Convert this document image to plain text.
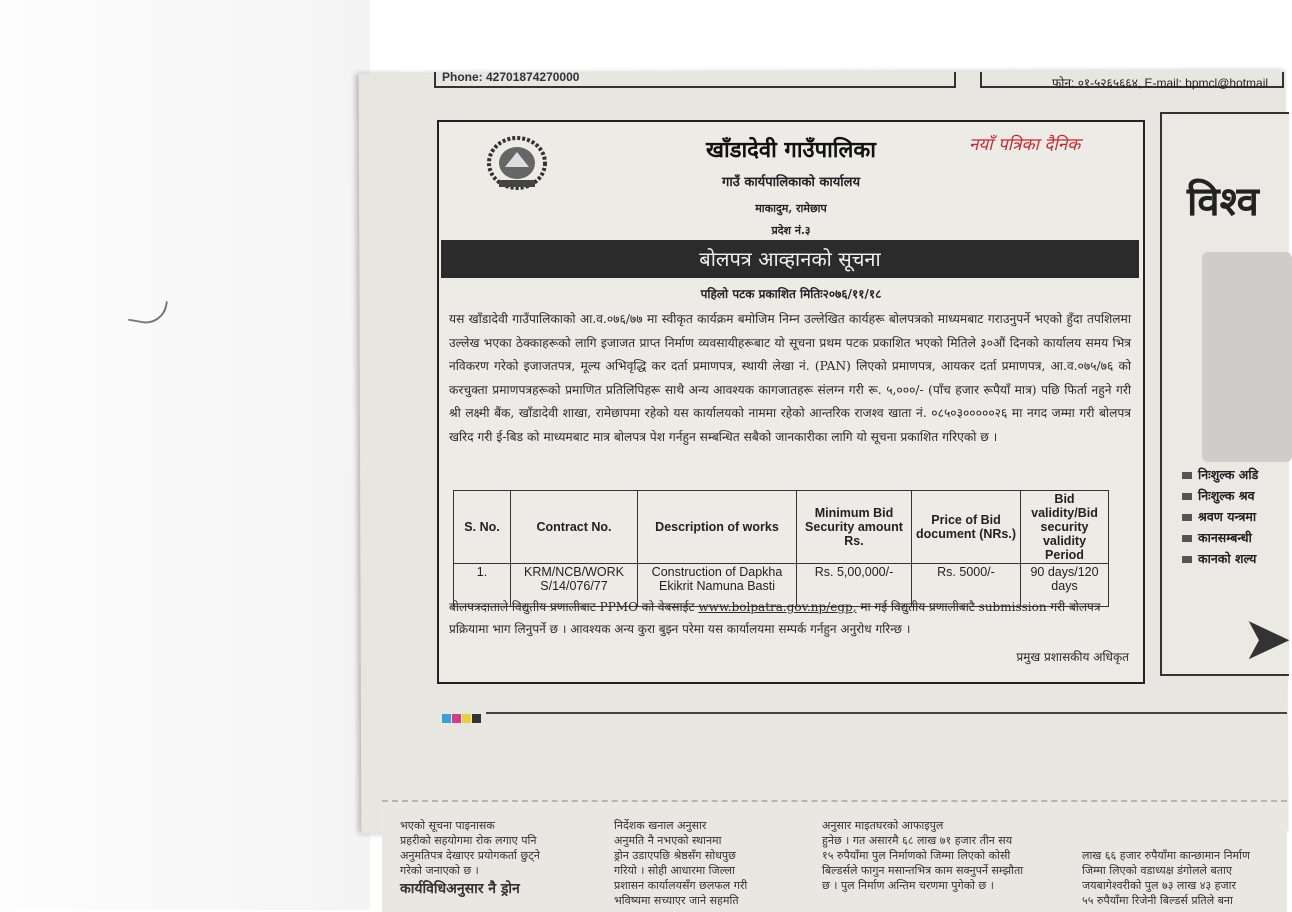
Phone: 42701874270000	फोन: ०१-५२६५६६४, E-mail: bpmcl@hotmail
खाँडादेवी गाउँपालिका	नयाँ पत्रिका दैनिक
गाउँ कार्यपालिकाको कार्यालय
माकादुम, रामेछाप
प्रदेश नं.३
बोलपत्र आव्हानको सूचना
पहिलो पटक प्रकाशित मितिः२०७६/११/१८
यस खाँडादेवी गाउँपालिकाको आ.व.०७६/७७ मा स्वीकृत कार्यक्रम बमोजिम निम्न उल्लेखित कार्यहरू बोलपत्रको माध्यमबाट गराउनुपर्ने भएको हुँदा तपशिलमा उल्लेख भएका ठेक्काहरूको लागि इजाजत प्राप्त निर्माण व्यवसायीहरूबाट यो सूचना प्रथम पटक प्रकाशित भएको मितिले ३०औं दिनको कार्यालय समय भित्र नविकरण गरेको इजाजतपत्र, मूल्य अभिवृद्धि कर दर्ता प्रमाणपत्र, स्थायी लेखा नं. (PAN) लिएको प्रमाणपत्र, आयकर दर्ता प्रमाणपत्र, आ.व.०७५/७६ को करचुक्ता प्रमाणपत्रहरूको प्रमाणित प्रतिलिपिहरू साथै अन्य आवश्यक कागजातहरू संलग्न गरी रू. ५,०००/- (पाँच हजार रूपैयाँ मात्र) पछि फिर्ता नहुने गरी श्री लक्ष्मी बैंक, खाँडादेवी शाखा, रामेछापमा रहेको यस कार्यालयको नाममा रहेको आन्तरिक राजश्व खाता नं. ०८५०३०००००२६ मा नगद जम्मा गरी बोलपत्र खरिद गरी ई-बिड को माध्यमबाट मात्र बोलपत्र पेश गर्नहुन सम्बन्धित सबैको जानकारीका लागि यो सूचना प्रकाशित गरिएको छ ।
S. No.	Contract No.	Description of works	Minimum Bid Security amount Rs.	Price of Bid document (NRs.)	Bid validity/Bid security validity Period
1.	KRM/NCB/WORK S/14/076/77	Construction of Dapkha Ekikrit Namuna Basti	Rs. 5,00,000/-	Rs. 5000/-	90 days/120 days
बोलपत्रदाताले विद्युतीय प्रणालीबाट PPMO को वेबसाईट www.bolpatra.gov.np/egp, मा गई विद्युतीय प्रणालीबाटै submission गरी बोलपत्र प्रक्रियामा भाग लिनुपर्ने छ । आवश्यक अन्य कुरा बुझ्न परेमा यस कार्यालयमा सम्पर्क गर्नहुन अनुरोध गरिन्छ ।
प्रमुख प्रशासकीय अधिकृत
विश्व
निःशुल्क अडि
निःशुल्क श्रव
श्रवण यन्त्रमा
कानसम्बन्धी
कानको शल्य
➤
भएको सूचना पाइनासक
प्रहरीको सहयोगमा रोक लगाए पनि
अनुमतिपत्र देखाएर प्रयोगकर्ता छुट्ने
गरेको जनाएको छ ।
कार्यविधिअनुसार नै ड्रोन
निर्देशक खनाल अनुसार
अनुमति नै नभएको स्थानमा
ड्रोन उडाएपछि श्रेष्ठसँग सोधपुछ
गरियो । सोही आधारमा जिल्ला
प्रशासन कार्यालयसँग छलफल गरी
भविष्यमा सच्याएर जाने सहमति
अनुसार माइतघरको आफाइपुल
हुनेछ । गत असारमै ६८ लाख ७१ हजार तीन सय
१५ रुपैयाँमा पुल निर्माणको जिम्मा लिएको कोसी
बिल्डर्सले फागुन मसान्तभित्र काम सक्नुपर्ने सम्झौता
छ । पुल निर्माण अन्तिम चरणमा पुगेको छ ।
लाख ६६ हजार रुपैयाँमा कान्छामान निर्माण
जिम्मा लिएको वडाध्यक्ष डंगोलले बताए
जयबागेश्वरीको पुल ७३ लाख ४३ हजार
५५ रुपैयाँमा रिजेनी बिल्डर्स प्रतिले बना
